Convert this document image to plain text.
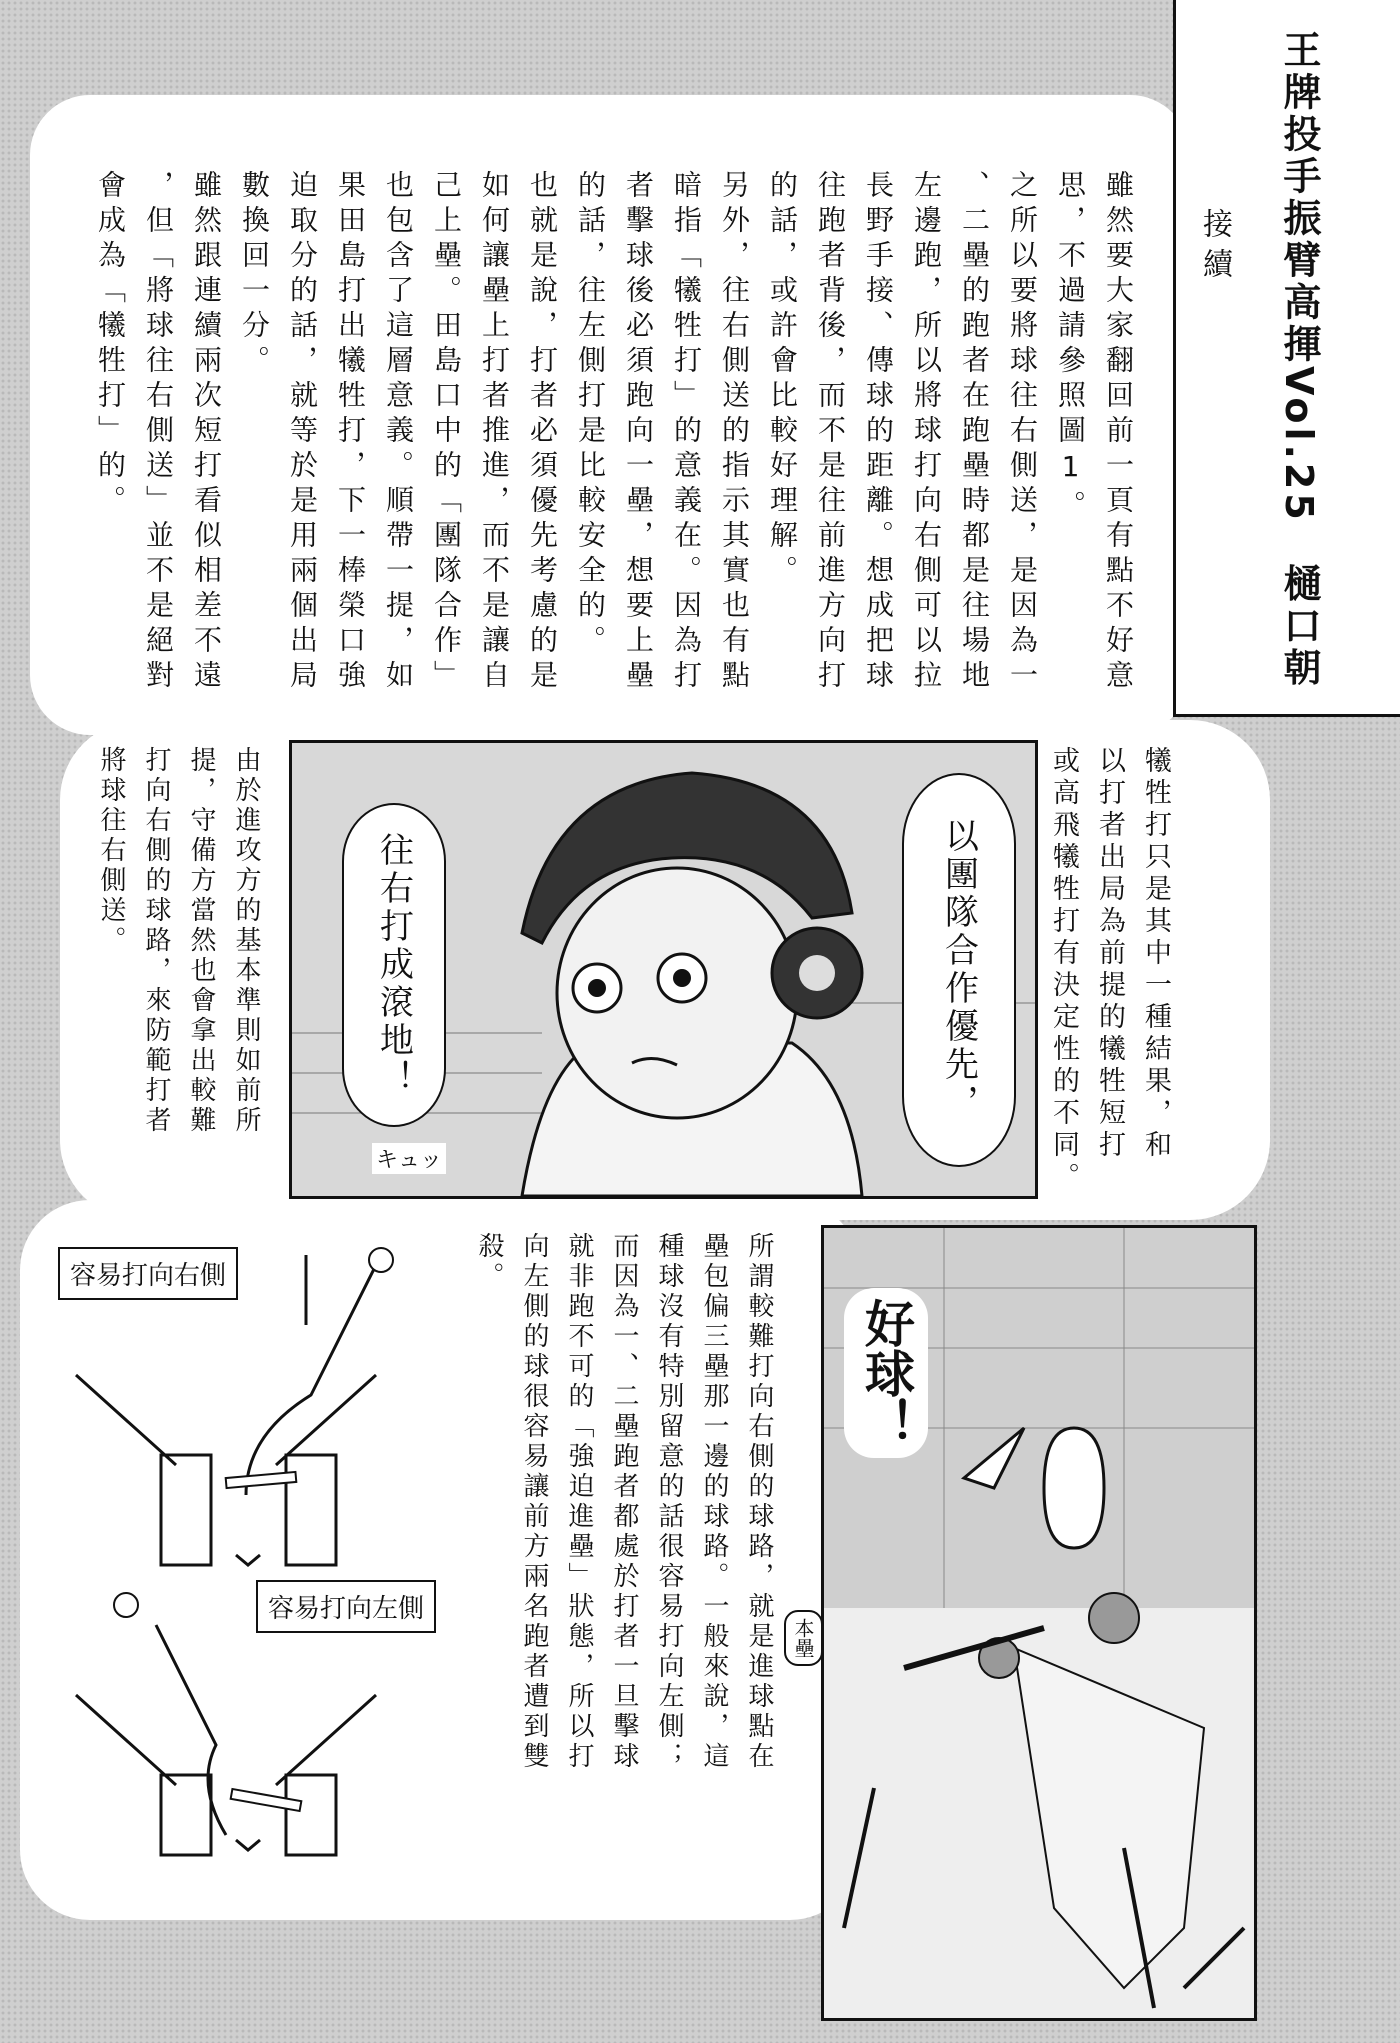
王牌投手振臂高揮Vol.25樋口朝
接續
雖然要大家翻回前一頁有點不好意
思，不過請參照圖1。
之所以要將球往右側送，是因為一
、二壘的跑者在跑壘時都是往場地
左邊跑，所以將球打向右側可以拉
長野手接、傳球的距離。想成把球
往跑者背後，而不是往前進方向打
的話，或許會比較好理解。
另外，往右側送的指示其實也有點
暗指「犧牲打」的意義在。因為打
者擊球後必須跑向一壘，想要上壘
的話，往左側打是比較安全的。
也就是說，打者必須優先考慮的是
如何讓壘上打者推進，而不是讓自
己上壘。田島口中的「團隊合作」
也包含了這層意義。順帶一提，如
果田島打出犧牲打，下一棒榮口強
迫取分的話，就等於是用兩個出局
數換回一分。
雖然跟連續兩次短打看似相差不遠
，但「將球往右側送」並不是絕對
會成為「犧牲打」的。
犧牲打只是其中一種結果，和
以打者出局為前提的犧牲短打
或高飛犧牲打有決定性的不同。
由於進攻方的基本準則如前所
提，守備方當然也會拿出較難
打向右側的球路，來防範打者
將球往右側送。	以團隊合作優先，
往右打成滾地！
キュッ
容易打向右側
容易打向左側	所謂較難打向右側的球路，就是進球點在
壘包偏三壘那一邊的球路。一般來說，這
種球沒有特別留意的話很容易打向左側；
而因為一、二壘跑者都處於打者一旦擊球
就非跑不可的「強迫進壘」狀態，所以打
向左側的球很容易讓前方兩名跑者遭到雙
殺。
好球！
本壘
